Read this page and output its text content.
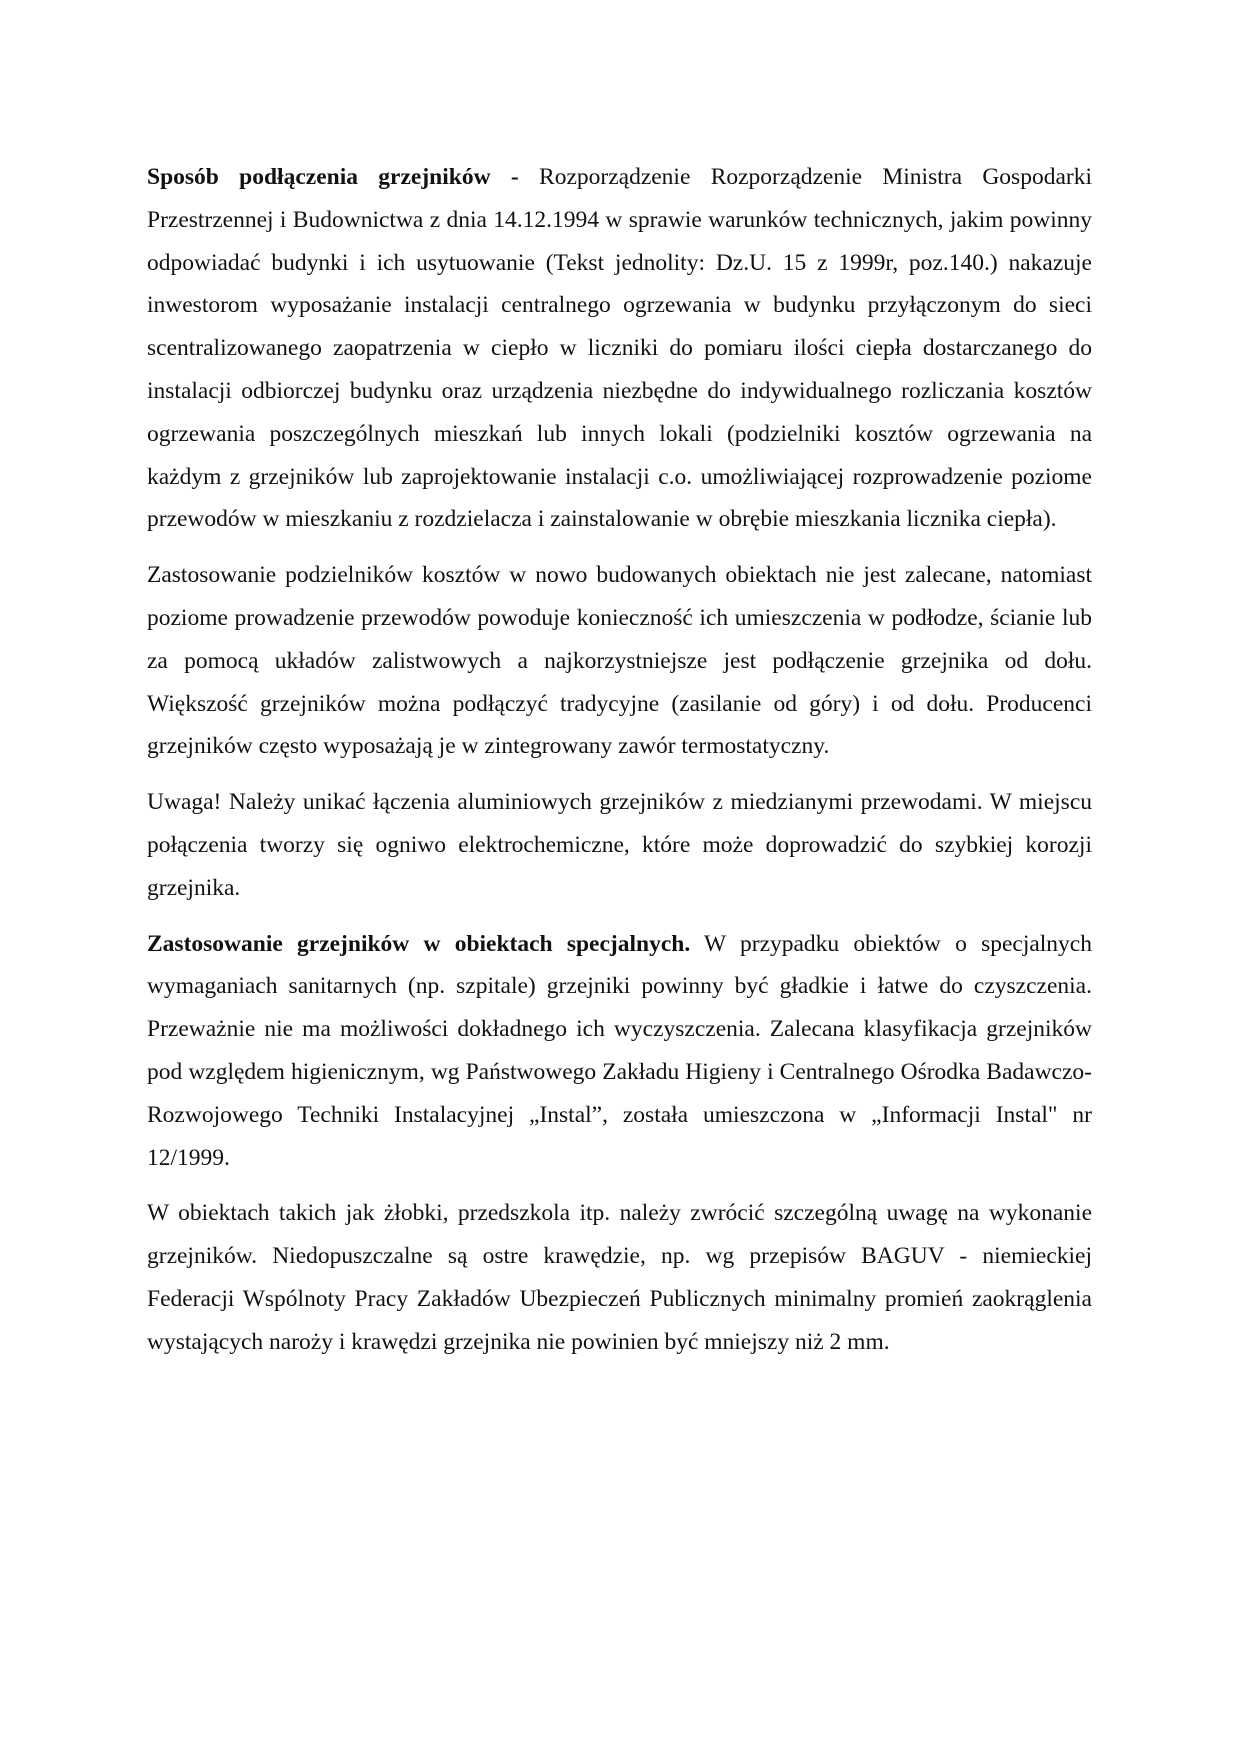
Sposób podłączenia grzejników - Rozporządzenie Rozporządzenie Ministra Gospodarki Przestrzennej i Budownictwa z dnia 14.12.1994 w sprawie warunków technicznych, jakim powinny odpowiadać budynki i ich usytuowanie (Tekst jednolity: Dz.U. 15 z 1999r, poz.140.) nakazuje inwestorom wyposażanie instalacji centralnego ogrzewania w budynku przyłączonym do sieci scentralizowanego zaopatrzenia w ciepło w liczniki do pomiaru ilości ciepła dostarczanego do instalacji odbiorczej budynku oraz urządzenia niezbędne do indywidualnego rozliczania kosztów ogrzewania poszczególnych mieszkań lub innych lokali (podzielniki kosztów ogrzewania na każdym z grzejników lub zaprojektowanie instalacji c.o. umożliwiającej rozprowadzenie poziome przewodów w mieszkaniu z rozdzielacza i zainstalowanie w obrębie mieszkania licznika ciepła).

Zastosowanie podzielników kosztów w nowo budowanych obiektach nie jest zalecane, natomiast poziome prowadzenie przewodów powoduje konieczność ich umieszczenia w podłodze, ścianie lub za pomocą układów zalistwowych a najkorzystniejsze jest podłączenie grzejnika od dołu. Większość grzejników można podłączyć tradycyjne (zasilanie od góry) i od dołu. Producenci grzejników często wyposażają je w zintegrowany zawór termostatyczny.

Uwaga! Należy unikać łączenia aluminiowych grzejników z miedzianymi przewodami. W miejscu połączenia tworzy się ogniwo elektrochemiczne, które może doprowadzić do szybkiej korozji grzejnika.

Zastosowanie grzejników w obiektach specjalnych. W przypadku obiektów o specjalnych wymaganiach sanitarnych (np. szpitale) grzejniki powinny być gładkie i łatwe do czyszczenia. Przeważnie nie ma możliwości dokładnego ich wyczyszczenia. Zalecana klasyfikacja grzejników pod względem higienicznym, wg Państwowego Zakładu Higieny i Centralnego Ośrodka Badawczo-Rozwojowego Techniki Instalacyjnej „Instal”, została umieszczona w „Informacji Instal" nr 12/1999.

W obiektach takich jak żłobki, przedszkola itp. należy zwrócić szczególną uwagę na wykonanie grzejników. Niedopuszczalne są ostre krawędzie, np. wg przepisów BAGUV - niemieckiej Federacji Wspólnoty Pracy Zakładów Ubezpieczeń Publicznych minimalny promień zaokrąglenia wystających naroży i krawędzi grzejnika nie powinien być mniejszy niż 2 mm.
